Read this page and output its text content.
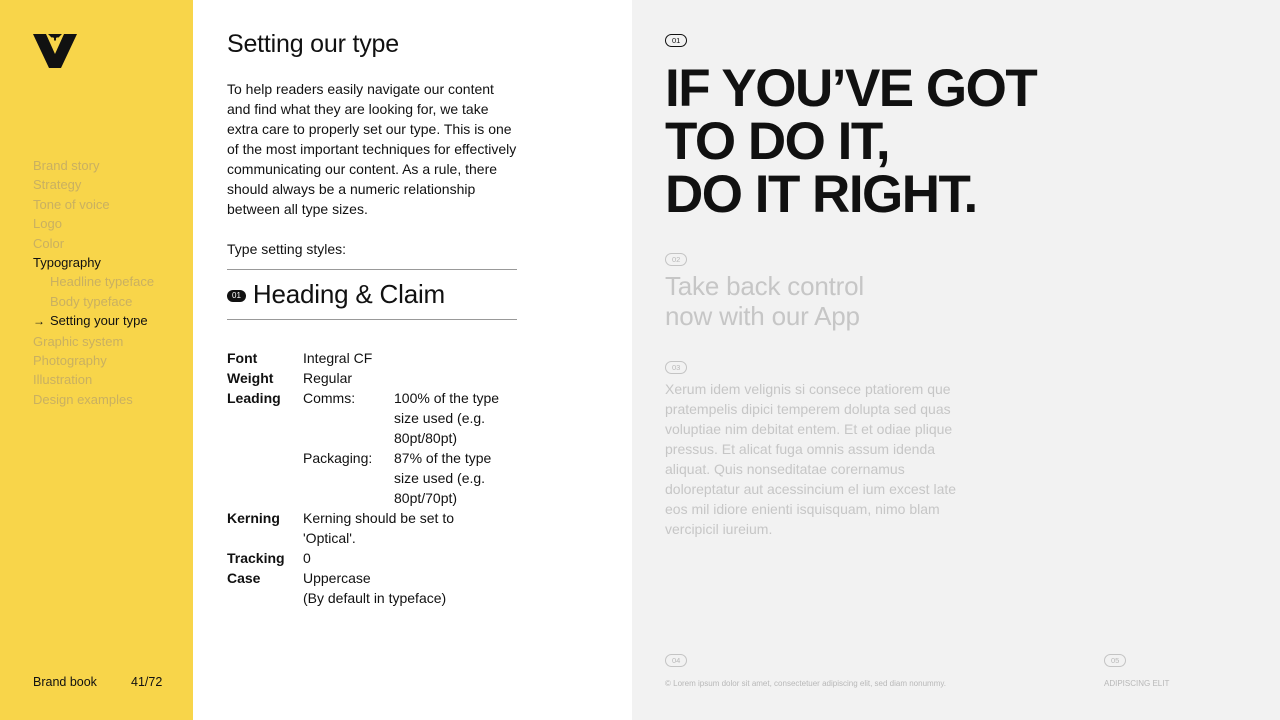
Brand story
Strategy
Tone of voice
Logo
Color
Typography
Headline typeface
Body typeface
→ Setting your type
Graphic system
Photography
Illustration
Design examples
Brand book	41/72
Setting our type

To help readers easily navigate our content and find what they are looking for, we take extra care to properly set our type. This is one of the most important techniques for effectively communicating our content. As a rule, there should always be a numeric relationship between all type sizes.

Type setting styles:
01 Heading & Claim
Font	Integral CF
Weight Regular
Leading Comms:	100% of the type size used (e.g. 80pt/80pt)
Packaging:	87% of the type size used (e.g. 80pt/70pt)
Kerning Kerning should be set to 'Optical'.
Tracking 0
Case	Uppercase
(By default in typeface)
01
IF YOU’VE GOT
TO DO IT,
DO IT RIGHT.
02
Take back control
now with our App
03

Xerum idem velignis si consece ptatiorem que pratempelis dipici temperem dolupta sed quas voluptiae nim debitat entem. Et et odiae plique pressus. Et alicat fuga omnis assum idenda aliquat. Quis nonseditatae corernamus doloreptatur aut acessincium el ium excest late eos mil idiore enienti isquisquam, nimo blam vercipicil iureium.

04
© Lorem ipsum dolor sit amet, consectetuer adipiscing elit, sed diam nonummy.
05
ADIPISCING ELIT
